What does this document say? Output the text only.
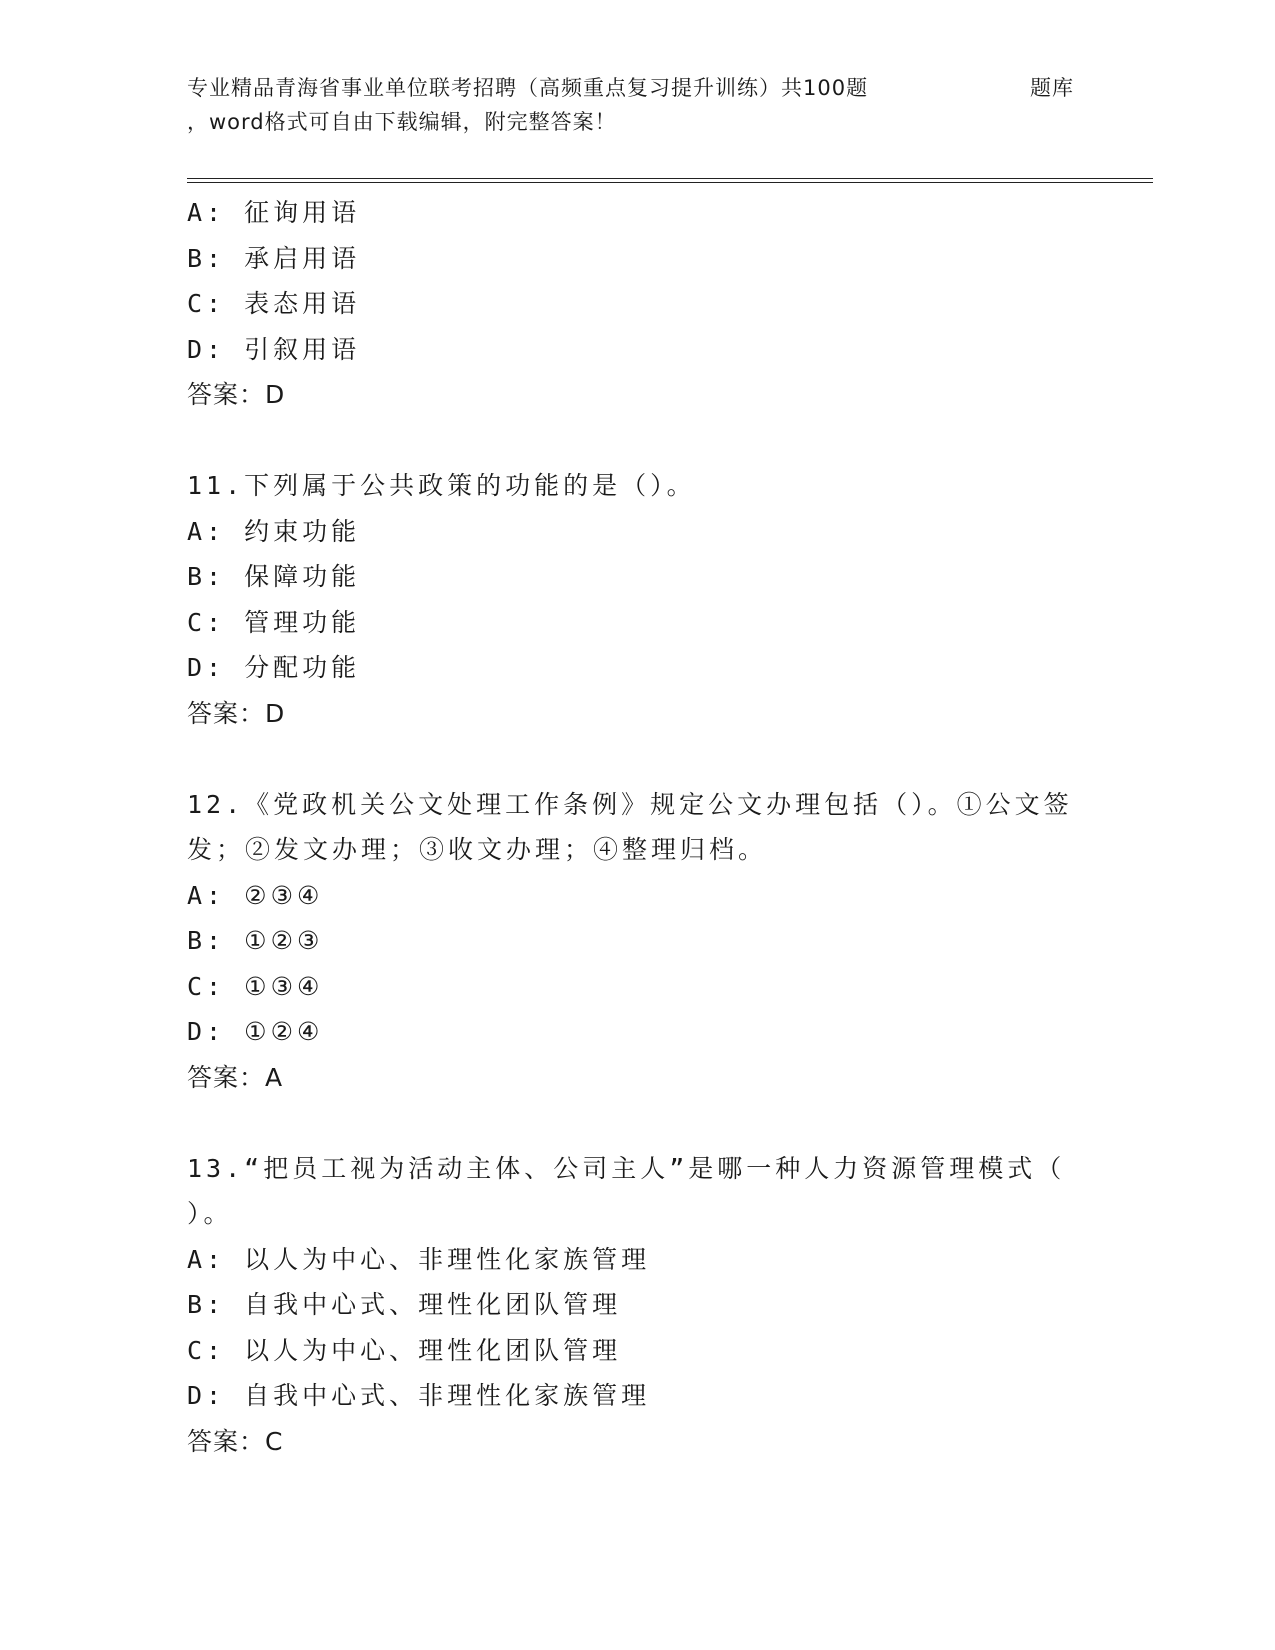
专业精品青海省事业单位联考招聘（高频重点复习提升训练）共100题	题库
，word格式可自由下载编辑，附完整答案！
A: 征询用语
B: 承启用语
C: 表态用语
D: 引叙用语
答案：D
11.下列属于公共政策的功能的是（）。
A: 约束功能
B: 保障功能
C: 管理功能
D: 分配功能
答案：D
12.《党政机关公文处理工作条例》规定公文办理包括（）。①公文签
发；②发文办理；③收文办理；④整理归档。
A: ②③④
B: ①②③
C: ①③④
D: ①②④
答案：A
13.“把员工视为活动主体、公司主人”是哪一种人力资源管理模式（
）。
A: 以人为中心、非理性化家族管理
B: 自我中心式、理性化团队管理
C: 以人为中心、理性化团队管理
D: 自我中心式、非理性化家族管理
答案：C
